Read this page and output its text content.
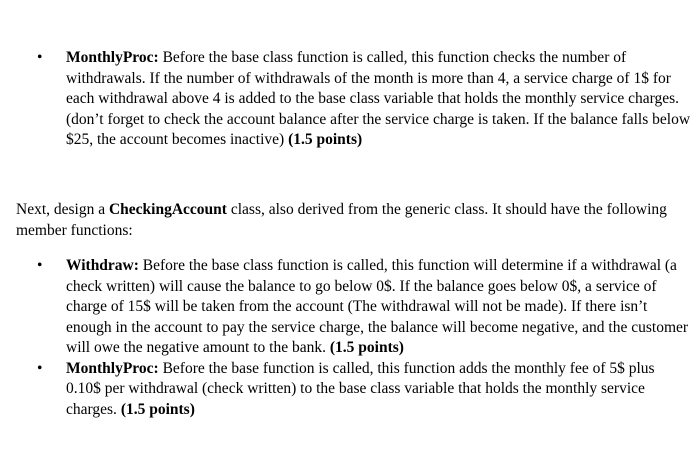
• MonthlyProc: Before the base class function is called, this function checks the number of withdrawals. If the number of withdrawals of the month is more than 4, a service charge of 1$ for each withdrawal above 4 is added to the base class variable that holds the monthly service charges. (don’t forget to check the account balance after the service charge is taken. If the balance falls below $25, the account becomes inactive) (1.5 points)
Next, design a CheckingAccount class, also derived from the generic class. It should have the following member functions:
• Withdraw: Before the base class function is called, this function will determine if a withdrawal (a check written) will cause the balance to go below 0$. If the balance goes below 0$, a service of charge of 15$ will be taken from the account (The withdrawal will not be made). If there isn’t enough in the account to pay the service charge, the balance will become negative, and the customer will owe the negative amount to the bank. (1.5 points)
• MonthlyProc: Before the base function is called, this function adds the monthly fee of 5$ plus 0.10$ per withdrawal (check written) to the base class variable that holds the monthly service charges. (1.5 points)
